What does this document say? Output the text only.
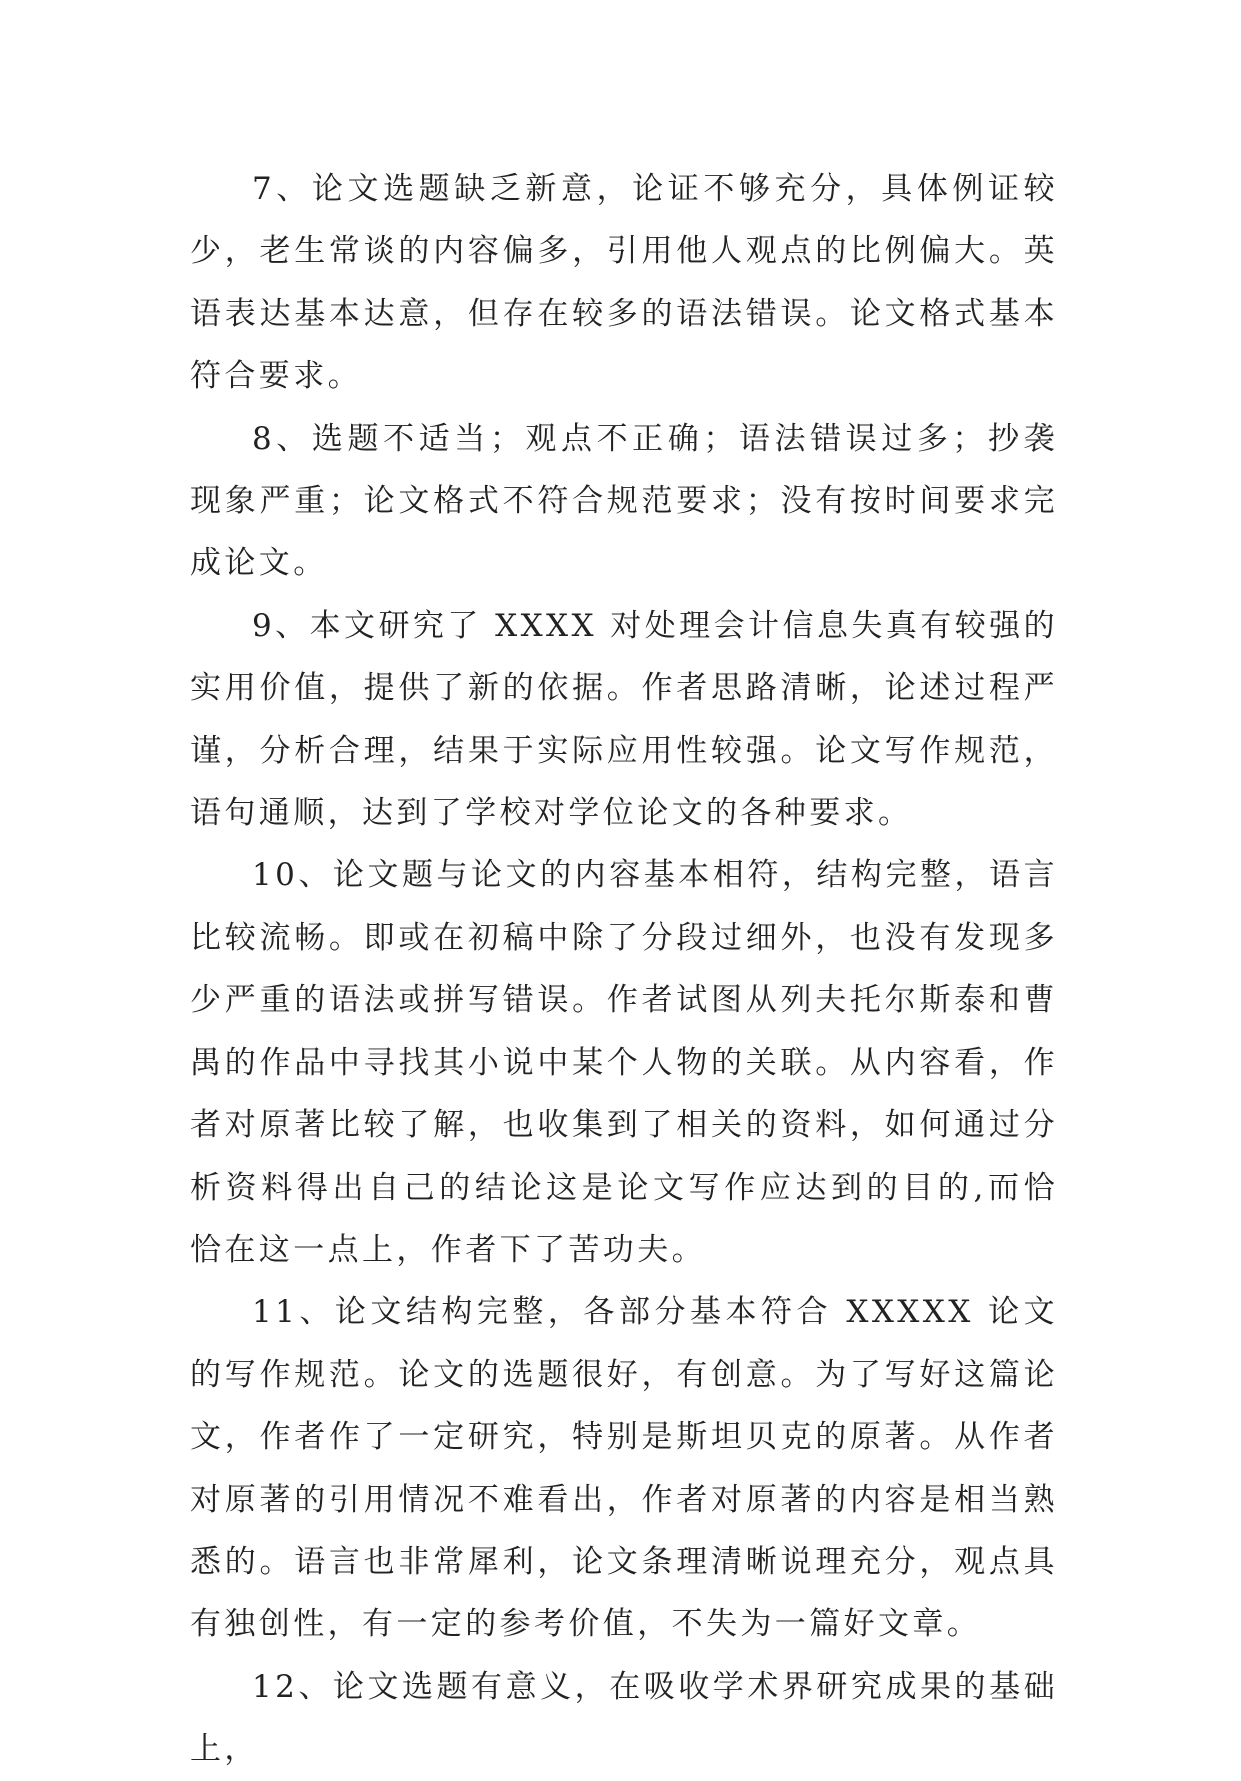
7、论文选题缺乏新意，论证不够充分，具体例证较少，老生常谈的内容偏多，引用他人观点的比例偏大。英语表达基本达意，但存在较多的语法错误。论文格式基本符合要求。

8、选题不适当；观点不正确；语法错误过多；抄袭现象严重；论文格式不符合规范要求；没有按时间要求完成论文。

9、本文研究了 XXXX 对处理会计信息失真有较强的实用价值，提供了新的依据。作者思路清晰，论述过程严谨，分析合理，结果于实际应用性较强。论文写作规范，语句通顺，达到了学校对学位论文的各种要求。

10、论文题与论文的内容基本相符，结构完整，语言比较流畅。即或在初稿中除了分段过细外，也没有发现多少严重的语法或拼写错误。作者试图从列夫托尔斯泰和曹禺的作品中寻找其小说中某个人物的关联。从内容看，作者对原著比较了解，也收集到了相关的资料，如何通过分析资料得出自己的结论这是论文写作应达到的目的,而恰恰在这一点上，作者下了苦功夫。

11、论文结构完整，各部分基本符合 XXXXX 论文的写作规范。论文的选题很好，有创意。为了写好这篇论文，作者作了一定研究，特别是斯坦贝克的原著。从作者对原著的引用情况不难看出，作者对原著的内容是相当熟悉的。语言也非常犀利，论文条理清晰说理充分，观点具有独创性，有一定的参考价值，不失为一篇好文章。

12、论文选题有意义，在吸收学术界研究成果的基础上，
